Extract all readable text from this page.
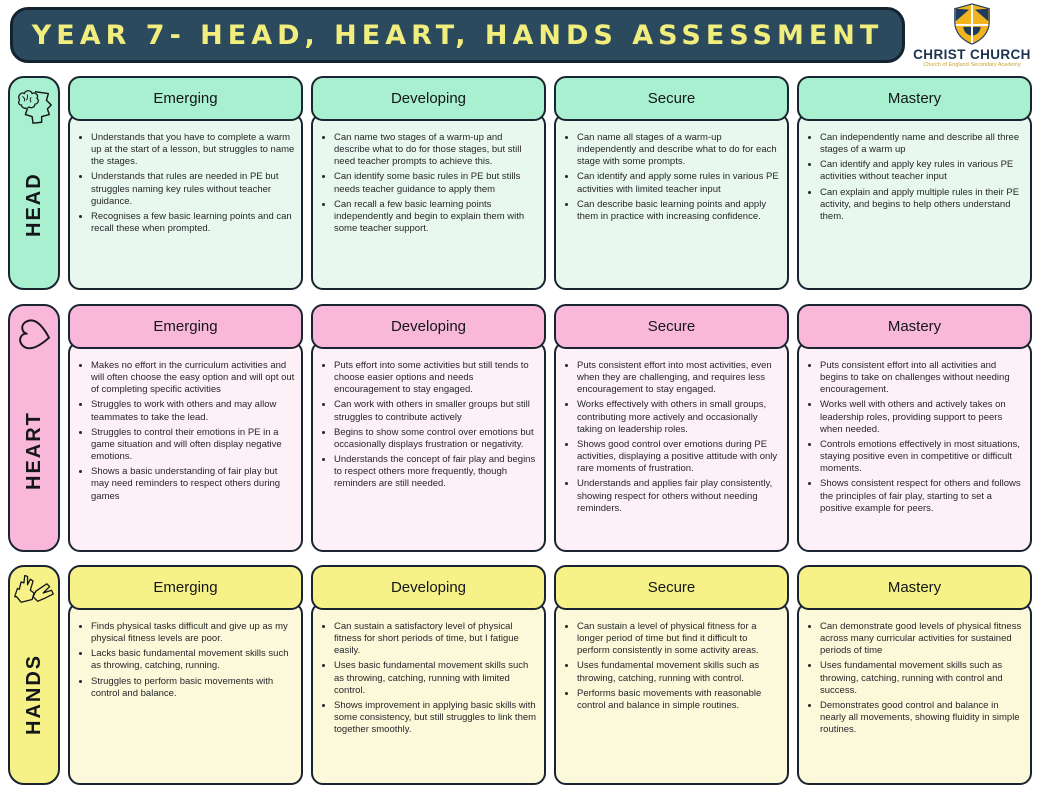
YEAR 7- HEAD, HEART, HANDS ASSESSMENT
CHRIST CHURCH
Church of England Secondary Academy
HEAD
Emerging
• Understands that you have to complete a warm up at the start of a lesson, but struggles to name the stages.
• Understands that rules are needed in PE but struggles naming key rules without teacher guidance.
• Recognises a few basic learning points and can recall these when prompted.
Developing
• Can name two stages of a warm-up and describe what to do for those stages, but still need teacher prompts to achieve this.
• Can identify some basic rules in PE but stills needs teacher guidance to apply them
• Can recall a few basic learning points independently and begin to explain them with some teacher support.
Secure
• Can name all stages of a warm-up independently and describe what to do for each stage with some prompts.
• Can identify and apply some rules in various PE activities with limited teacher input
• Can describe basic learning points and apply them in practice with increasing confidence.
Mastery
• Can independently name and describe all three stages of a warm up
• Can identify and apply key rules in various PE activities without teacher input
• Can explain and apply multiple rules in their PE activity, and begins to help others understand them.
HEART
Emerging
• Makes no effort in the curriculum activities and will often choose the easy option and will opt out of completing specific activities
• Struggles to work with others and may allow teammates to take the lead.
• Struggles to control their emotions in PE in a game situation and will often display negative emotions.
• Shows a basic understanding of fair play but may need reminders to respect others during games
Developing
• Puts effort into some activities but still tends to choose easier options and needs encouragement to stay engaged.
• Can work with others in smaller groups but still struggles to contribute actively
• Begins to show some control over emotions but occasionally displays frustration or negativity.
• Understands the concept of fair play and begins to respect others more frequently, though reminders are still needed.
Secure
• Puts consistent effort into most activities, even when they are challenging, and requires less encouragement to stay engaged.
• Works effectively with others in small groups, contributing more actively and occasionally taking on leadership roles.
• Shows good control over emotions during PE activities, displaying a positive attitude with only rare moments of frustration.
• Understands and applies fair play consistently, showing respect for others without needing reminders.
Mastery
• Puts consistent effort into all activities and begins to take on challenges without needing encouragement.
• Works well with others and actively takes on leadership roles, providing support to peers when needed.
• Controls emotions effectively in most situations, staying positive even in competitive or difficult moments.
• Shows consistent respect for others and follows the principles of fair play, starting to set a positive example for peers.
HANDS
Emerging
• Finds physical tasks difficult and give up as my physical fitness levels are poor.
• Lacks basic fundamental movement skills such as throwing, catching, running.
• Struggles to perform basic movements with control and balance.
Developing
• Can sustain a satisfactory level of physical fitness for short periods of time, but I fatigue easily.
• Uses basic fundamental movement skills such as throwing, catching, running with limited control.
• Shows improvement in applying basic skills with some consistency, but still struggles to link them together smoothly.
Secure
• Can sustain a level of physical fitness for a longer period of time but find it difficult to perform consistently in some activity areas.
• Uses fundamental movement skills such as throwing, catching, running with control.
• Performs basic movements with reasonable control and balance in simple routines.
Mastery
• Can demonstrate good levels of physical fitness across many curricular activities for sustained periods of time
• Uses fundamental movement skills such as throwing, catching, running with control and success.
• Demonstrates good control and balance in nearly all movements, showing fluidity in simple routines.
